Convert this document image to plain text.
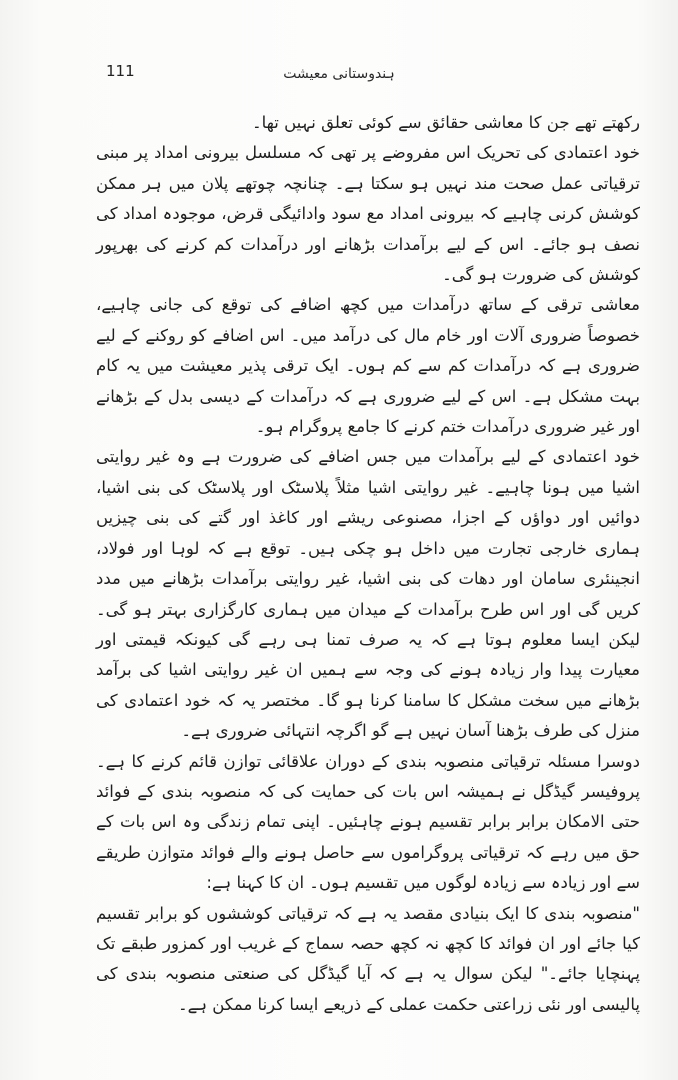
111	ہندوستانی معیشت

رکھتے تھے جن کا معاشی حقائق سے کوئی تعلق نہیں تھا۔

خود اعتمادی کی تحریک اس مفروضے پر تھی کہ مسلسل بیرونی امداد پر مبنی ترقیاتی عمل صحت مند نہیں ہو سکتا ہے۔ چنانچہ چوتھے پلان میں ہر ممکن کوشش کرنی چاہیے کہ بیرونی امداد مع سود وادائیگی قرض، موجودہ امداد کی نصف ہو جائے۔ اس کے لیے برآمدات بڑھانے اور درآمدات کم کرنے کی بھرپور کوشش کی ضرورت ہو گی۔

معاشی ترقی کے ساتھ درآمدات میں کچھ اضافے کی توقع کی جانی چاہیے، خصوصاً ضروری آلات اور خام مال کی درآمد میں۔ اس اضافے کو روکنے کے لیے ضروری ہے کہ درآمدات کم سے کم ہوں۔ ایک ترقی پذیر معیشت میں یہ کام بہت مشکل ہے۔ اس کے لیے ضروری ہے کہ درآمدات کے دیسی بدل کے بڑھانے اور غیر ضروری درآمدات ختم کرنے کا جامع پروگرام ہو۔

خود اعتمادی کے لیے برآمدات میں جس اضافے کی ضرورت ہے وہ غیر روایتی اشیا میں ہونا چاہیے۔ غیر روایتی اشیا مثلاً پلاسٹک اور پلاسٹک کی بنی اشیا، دوائیں اور دواؤں کے اجزا، مصنوعی ریشے اور کاغذ اور گتے کی بنی چیزیں ہماری خارجی تجارت میں داخل ہو چکی ہیں۔ توقع ہے کہ لوہا اور فولاد، انجینئری سامان اور دھات کی بنی اشیا، غیر روایتی برآمدات بڑھانے میں مدد کریں گی اور اس طرح برآمدات کے میدان میں ہماری کارگزاری بہتر ہو گی۔ لیکن ایسا معلوم ہوتا ہے کہ یہ صرف تمنا ہی رہے گی کیونکہ قیمتی اور معیارت پیدا وار زیادہ ہونے کی وجہ سے ہمیں ان غیر روایتی اشیا کی برآمد بڑھانے میں سخت مشکل کا سامنا کرنا ہو گا۔ مختصر یہ کہ خود اعتمادی کی منزل کی طرف بڑھنا آسان نہیں ہے گو اگرچہ انتہائی ضروری ہے۔

دوسرا مسئلہ ترقیاتی منصوبہ بندی کے دوران علاقائی توازن قائم کرنے کا ہے۔ پروفیسر گیڈگل نے ہمیشہ اس بات کی حمایت کی کہ منصوبہ بندی کے فوائد حتی الامکان برابر برابر تقسیم ہونے چاہئیں۔ اپنی تمام زندگی وہ اس بات کے حق میں رہے کہ ترقیاتی پروگراموں سے حاصل ہونے والے فوائد متوازن طریقے سے اور زیادہ سے زیادہ لوگوں میں تقسیم ہوں۔ ان کا کہنا ہے:

"منصوبہ بندی کا ایک بنیادی مقصد یہ ہے کہ ترقیاتی کوششوں کو برابر تقسیم کیا جائے اور ان فوائد کا کچھ نہ کچھ حصہ سماج کے غریب اور کمزور طبقے تک پہنچایا جائے۔" لیکن سوال یہ ہے کہ آیا گیڈگل کی صنعتی منصوبہ بندی کی پالیسی اور نئی زراعتی حکمت عملی کے ذریعے ایسا کرنا ممکن ہے۔
